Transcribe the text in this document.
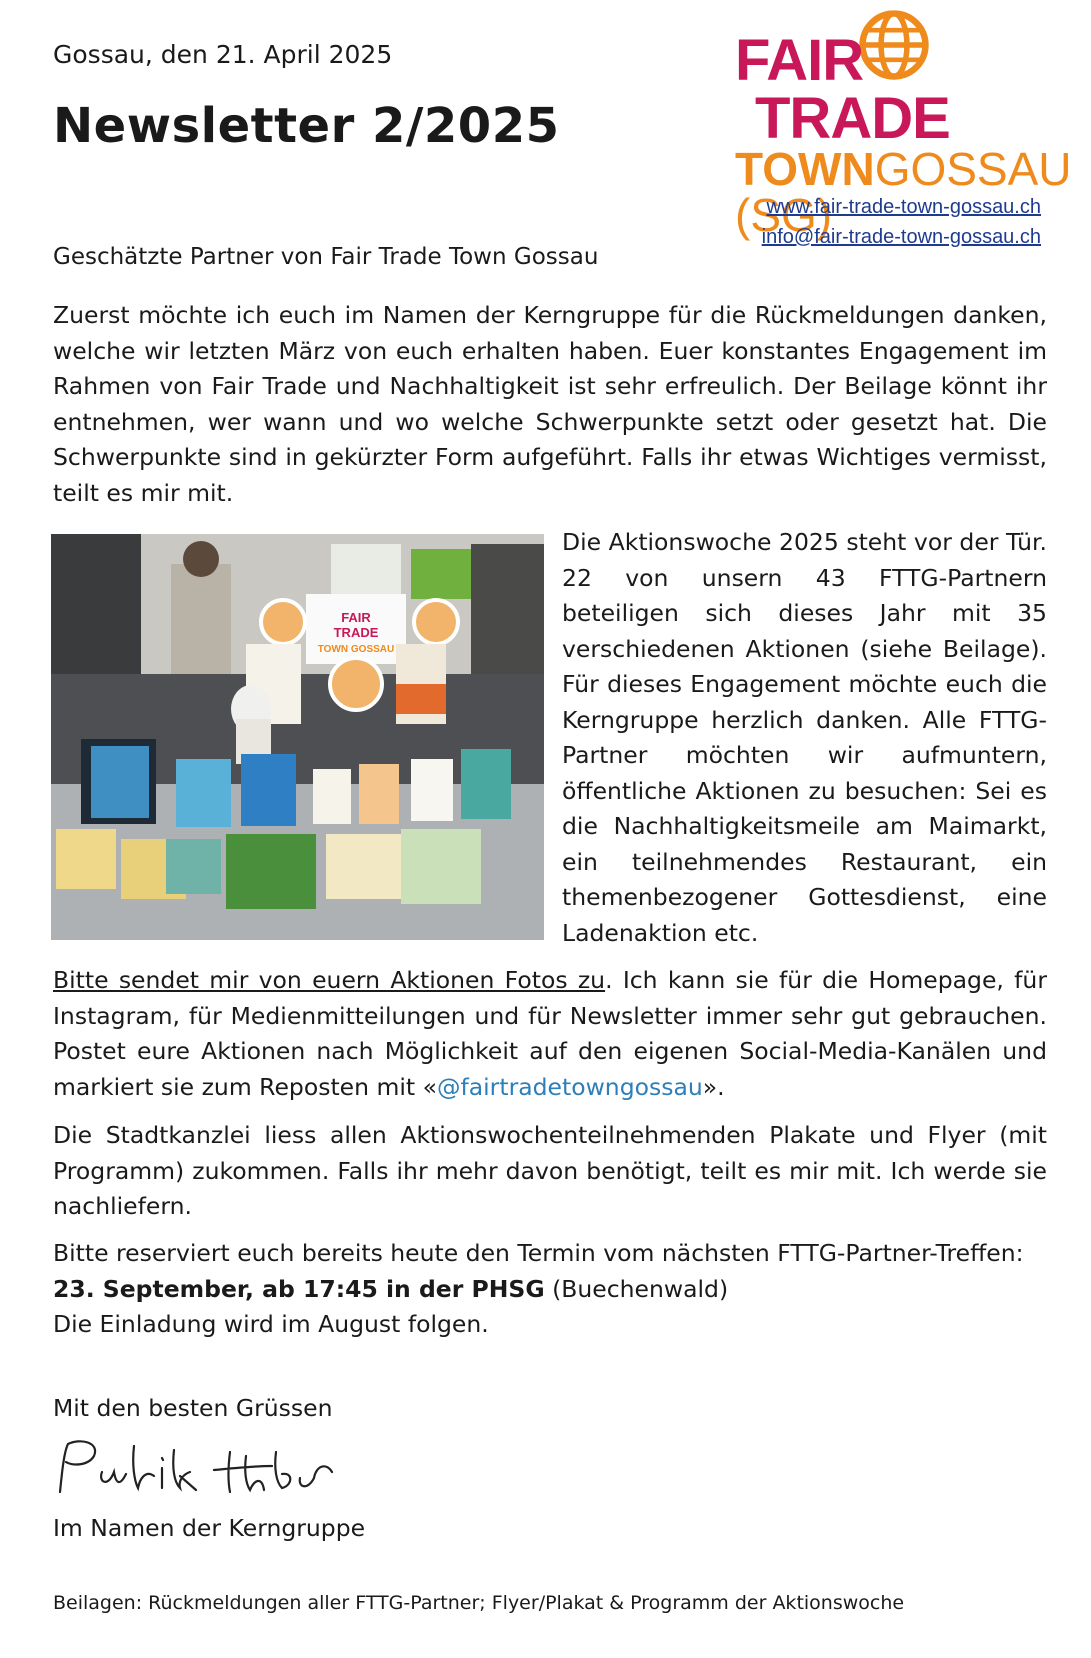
Gossau, den 21. April 2025
Newsletter 2/2025
FAIR
TRADE
TOWNGOSSAU (SG)
www.fair-trade-town-gossau.ch
info@fair-trade-town-gossau.ch
Geschätzte Partner von Fair Trade Town Gossau
Zuerst möchte ich euch im Namen der Kerngruppe für die Rückmeldungen danken, welche wir letzten März von euch erhalten haben. Euer konstantes Engagement im Rahmen von Fair Trade und Nachhaltigkeit ist sehr erfreulich. Der Beilage könnt ihr entnehmen, wer wann und wo welche Schwerpunkte setzt oder gesetzt hat. Die Schwerpunkte sind in gekürzter Form aufgeführt. Falls ihr etwas Wichtiges vermisst, teilt es mir mit.
FAIR
TRADE
TOWN GOSSAU
Die Aktionswoche 2025 steht vor der Tür. 22 von unsern 43 FTTG-Partnern beteiligen sich dieses Jahr mit 35 verschiedenen Aktionen (siehe Beilage). Für dieses Engagement möchte euch die Kerngruppe herzlich danken. Alle FTTG-Partner möchten wir aufmuntern, öffentliche Aktionen zu besuchen: Sei es die Nachhaltigkeitsmeile am Maimarkt, ein teilnehmendes Restaurant, ein themenbezogener Gottesdienst, eine Ladenaktion etc.
Bitte sendet mir von euern Aktionen Fotos zu. Ich kann sie für die Homepage, für Instagram, für Medienmitteilungen und für Newsletter immer sehr gut gebrauchen. Postet eure Aktionen nach Möglichkeit auf den eigenen Social-Media-Kanälen und markiert sie zum Reposten mit «@fairtradetowngossau».
Die Stadtkanzlei liess allen Aktionswochenteilnehmenden Plakate und Flyer (mit Programm) zukommen. Falls ihr mehr davon benötigt, teilt es mir mit. Ich werde sie nachliefern.
Bitte reserviert euch bereits heute den Termin vom nächsten FTTG-Partner-Treffen:
23. September, ab 17:45 in der PHSG (Buechenwald)
Die Einladung wird im August folgen.
Mit den besten Grüssen
Im Namen der Kerngruppe
Beilagen: Rückmeldungen aller FTTG-Partner; Flyer/Plakat & Programm der Aktionswoche
